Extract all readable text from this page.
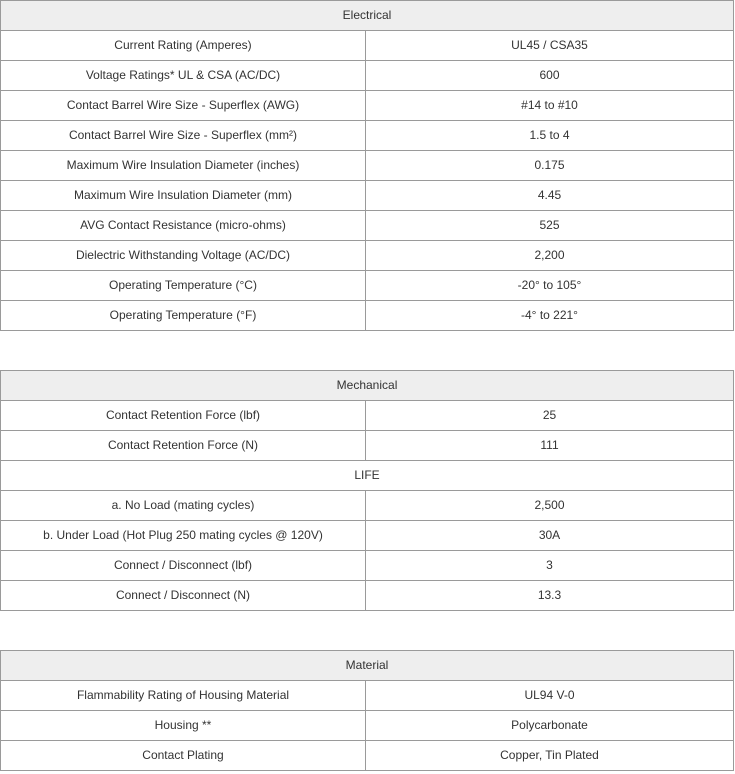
Electrical	
Current Rating (Amperes)	UL45 / CSA35
Voltage Ratings* UL & CSA (AC/DC)	600
Contact Barrel Wire Size - Superflex (AWG)	#14 to #10
Contact Barrel Wire Size - Superflex (mm²)	1.5 to 4
Maximum Wire Insulation Diameter (inches)	0.175
Maximum Wire Insulation Diameter (mm)	4.45
AVG Contact Resistance (micro-ohms)	525
Dielectric Withstanding Voltage (AC/DC)	2,200
Operating Temperature (°C)	-20° to 105°
Operating Temperature (°F)	-4° to 221°
Mechanical	
Contact Retention Force (lbf)	25
Contact Retention Force (N)	111
LIFE	
a. No Load (mating cycles)	2,500
b. Under Load (Hot Plug 250 mating cycles @ 120V)	30A
Connect / Disconnect (lbf)	3
Connect / Disconnect (N)	13.3
Material	
Flammability Rating of Housing Material	UL94 V-0
Housing **	Polycarbonate
Contact Plating	Copper, Tin Plated
